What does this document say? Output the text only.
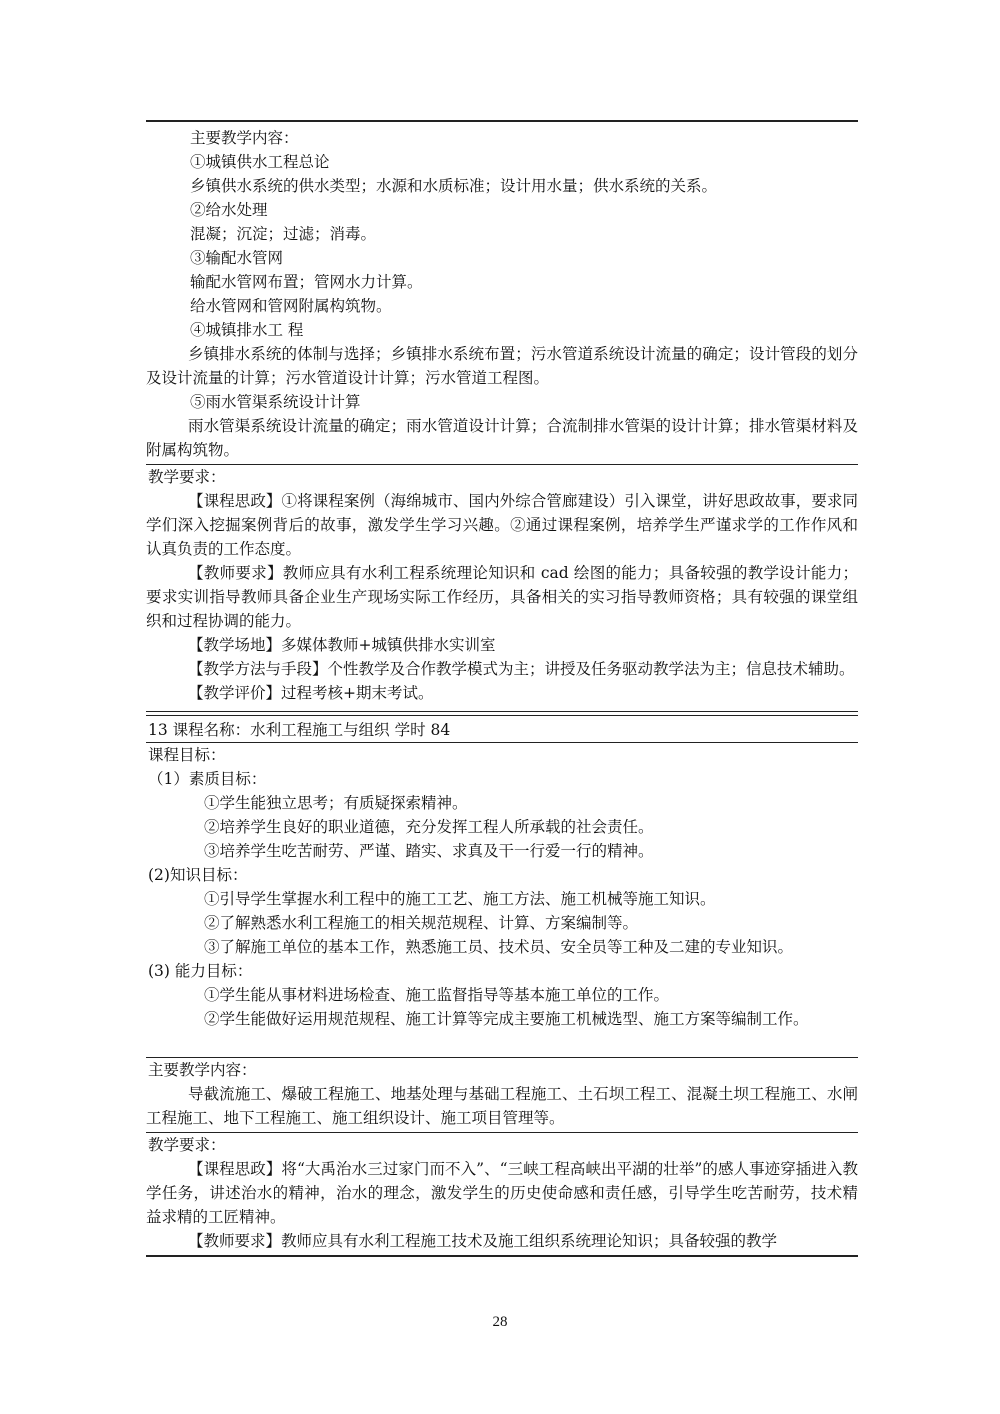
主要教学内容：
①城镇供水工程总论
乡镇供水系统的供水类型；水源和水质标准；设计用水量；供水系统的关系。
②给水处理
混凝；沉淀；过滤；消毒。
③输配水管网
输配水管网布置；管网水力计算。
给水管网和管网附属构筑物。
④城镇排水工 程
乡镇排水系统的体制与选择；乡镇排水系统布置；污水管道系统设计流量的确定；设计管段的划分及设计流量的计算；污水管道设计计算；污水管道工程图。
⑤雨水管渠系统设计计算
雨水管渠系统设计流量的确定；雨水管道设计计算；合流制排水管渠的设计计算；排水管渠材料及附属构筑物。
教学要求：
【课程思政】①将课程案例（海绵城市、国内外综合管廊建设）引入课堂，讲好思政故事，要求同学们深入挖掘案例背后的故事，激发学生学习兴趣。②通过课程案例，培养学生严谨求学的工作作风和认真负责的工作态度。
【教师要求】教师应具有水利工程系统理论知识和 cad 绘图的能力；具备较强的教学设计能力；要求实训指导教师具备企业生产现场实际工作经历，具备相关的实习指导教师资格；具有较强的课堂组织和过程协调的能力。
【教学场地】多媒体教师+城镇供排水实训室
【教学方法与手段】个性教学及合作教学模式为主；讲授及任务驱动教学法为主；信息技术辅助。
【教学评价】过程考核+期末考试。
13 课程名称：水利工程施工与组织 学时 84
课程目标：
（1）素质目标：
①学生能独立思考；有质疑探索精神。
②培养学生良好的职业道德，充分发挥工程人所承载的社会责任。
③培养学生吃苦耐劳、严谨、踏实、求真及干一行爱一行的精神。
(2)知识目标：
①引导学生掌握水利工程中的施工工艺、施工方法、施工机械等施工知识。
②了解熟悉水利工程施工的相关规范规程、计算、方案编制等。
③了解施工单位的基本工作，熟悉施工员、技术员、安全员等工种及二建的专业知识。
(3) 能力目标：
①学生能从事材料进场检查、施工监督指导等基本施工单位的工作。
②学生能做好运用规范规程、施工计算等完成主要施工机械选型、施工方案等编制工作。
主要教学内容：
导截流施工、爆破工程施工、地基处理与基础工程施工、土石坝工程工、混凝土坝工程施工、水闸工程施工、地下工程施工、施工组织设计、施工项目管理等。
教学要求：
【课程思政】将“大禹治水三过家门而不入”、“三峡工程高峡出平湖的壮举”的感人事迹穿插进入教学任务，讲述治水的精神，治水的理念，激发学生的历史使命感和责任感，引导学生吃苦耐劳，技术精益求精的工匠精神。
【教师要求】教师应具有水利工程施工技术及施工组织系统理论知识；具备较强的教学
28
